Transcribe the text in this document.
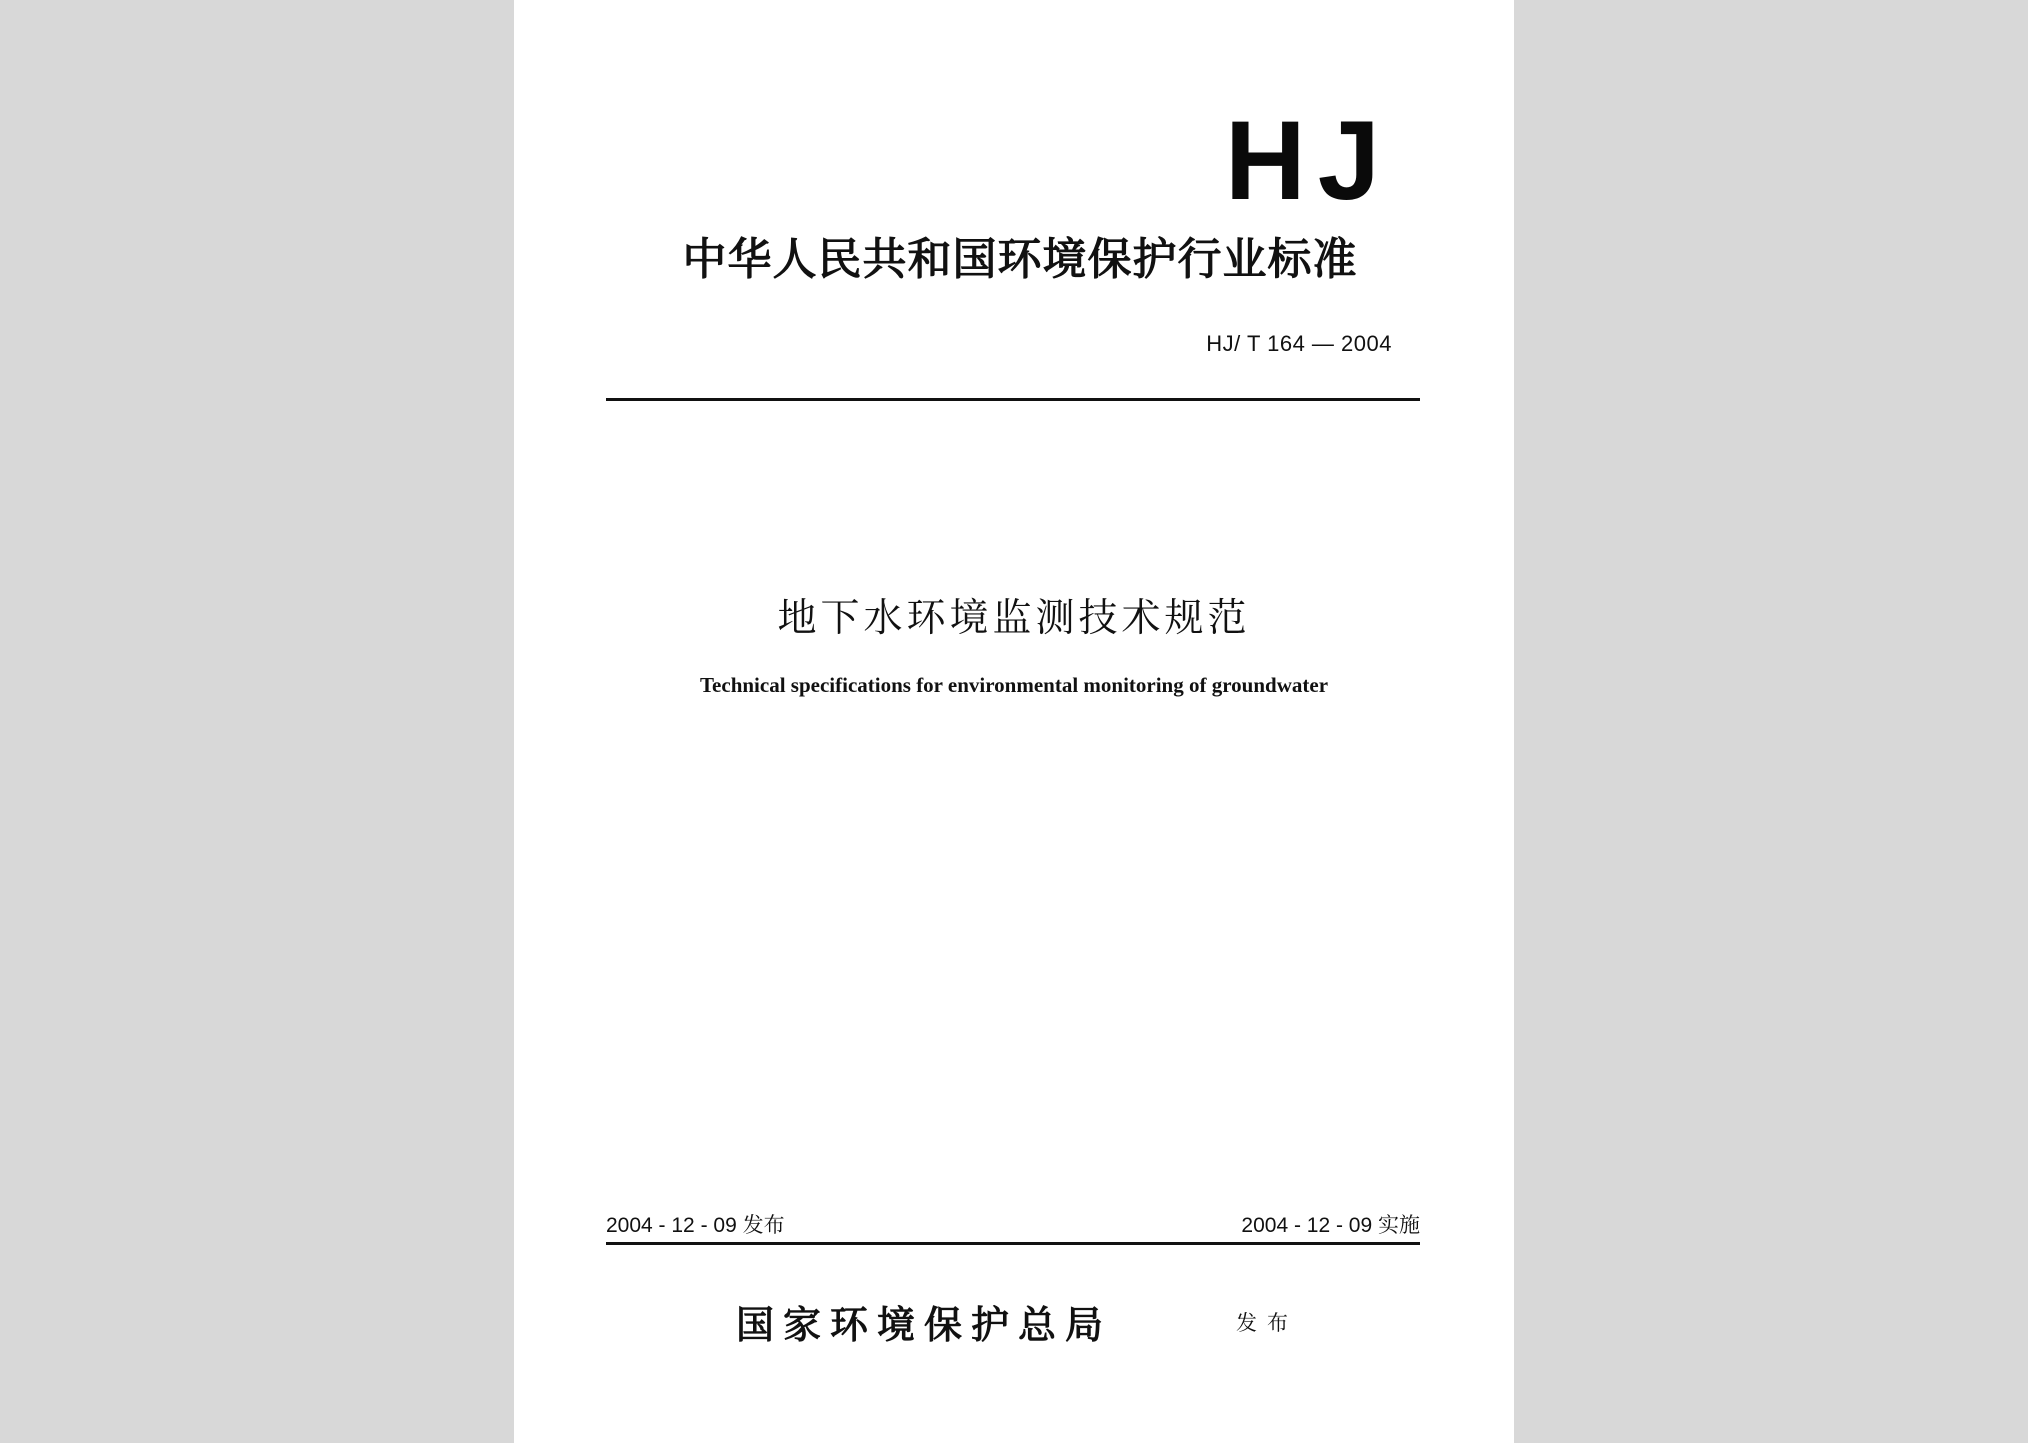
HJ
中华人民共和国环境保护行业标准
HJ/ T 164 — 2004
地下水环境监测技术规范
Technical specifications for environmental monitoring of groundwater
2004 - 12 - 09 发布	2004 - 12 - 09 实施
国家环境保护总局	发布
